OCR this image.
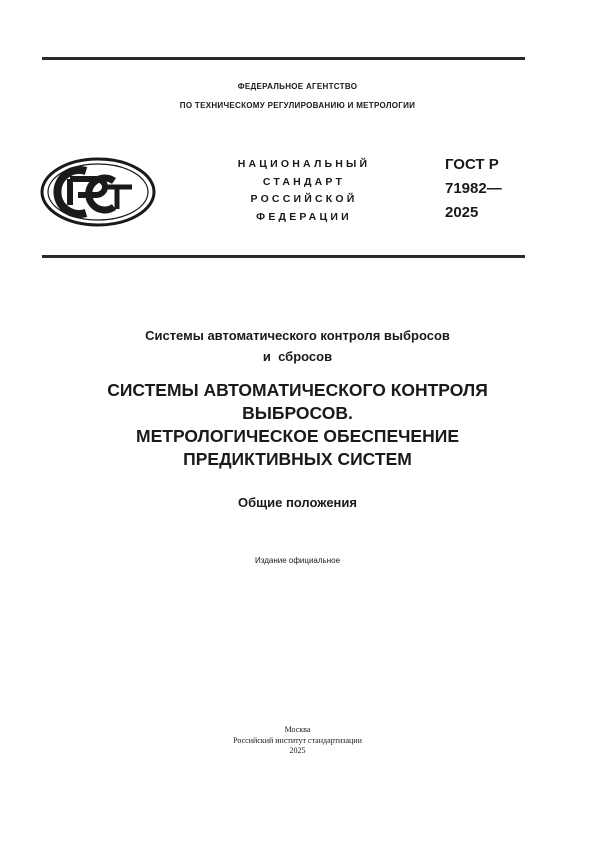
ФЕДЕРАЛЬНОЕ АГЕНТСТВО
ПО ТЕХНИЧЕСКОМУ РЕГУЛИРОВАНИЮ И МЕТРОЛОГИИ
НАЦИОНАЛЬНЫЙ
СТАНДАРТ
РОССИЙСКОЙ
ФЕДЕРАЦИИ
ГОСТ Р
71982—
2025
Системы автоматического контроля выбросов
и  сбросов
СИСТЕМЫ АВТОМАТИЧЕСКОГО КОНТРОЛЯ
ВЫБРОСОВ.
МЕТРОЛОГИЧЕСКОЕ ОБЕСПЕЧЕНИЕ
ПРЕДИКТИВНЫХ СИСТЕМ
Общие положения
Издание официальное
Москва
Российский институт стандартизации
2025
